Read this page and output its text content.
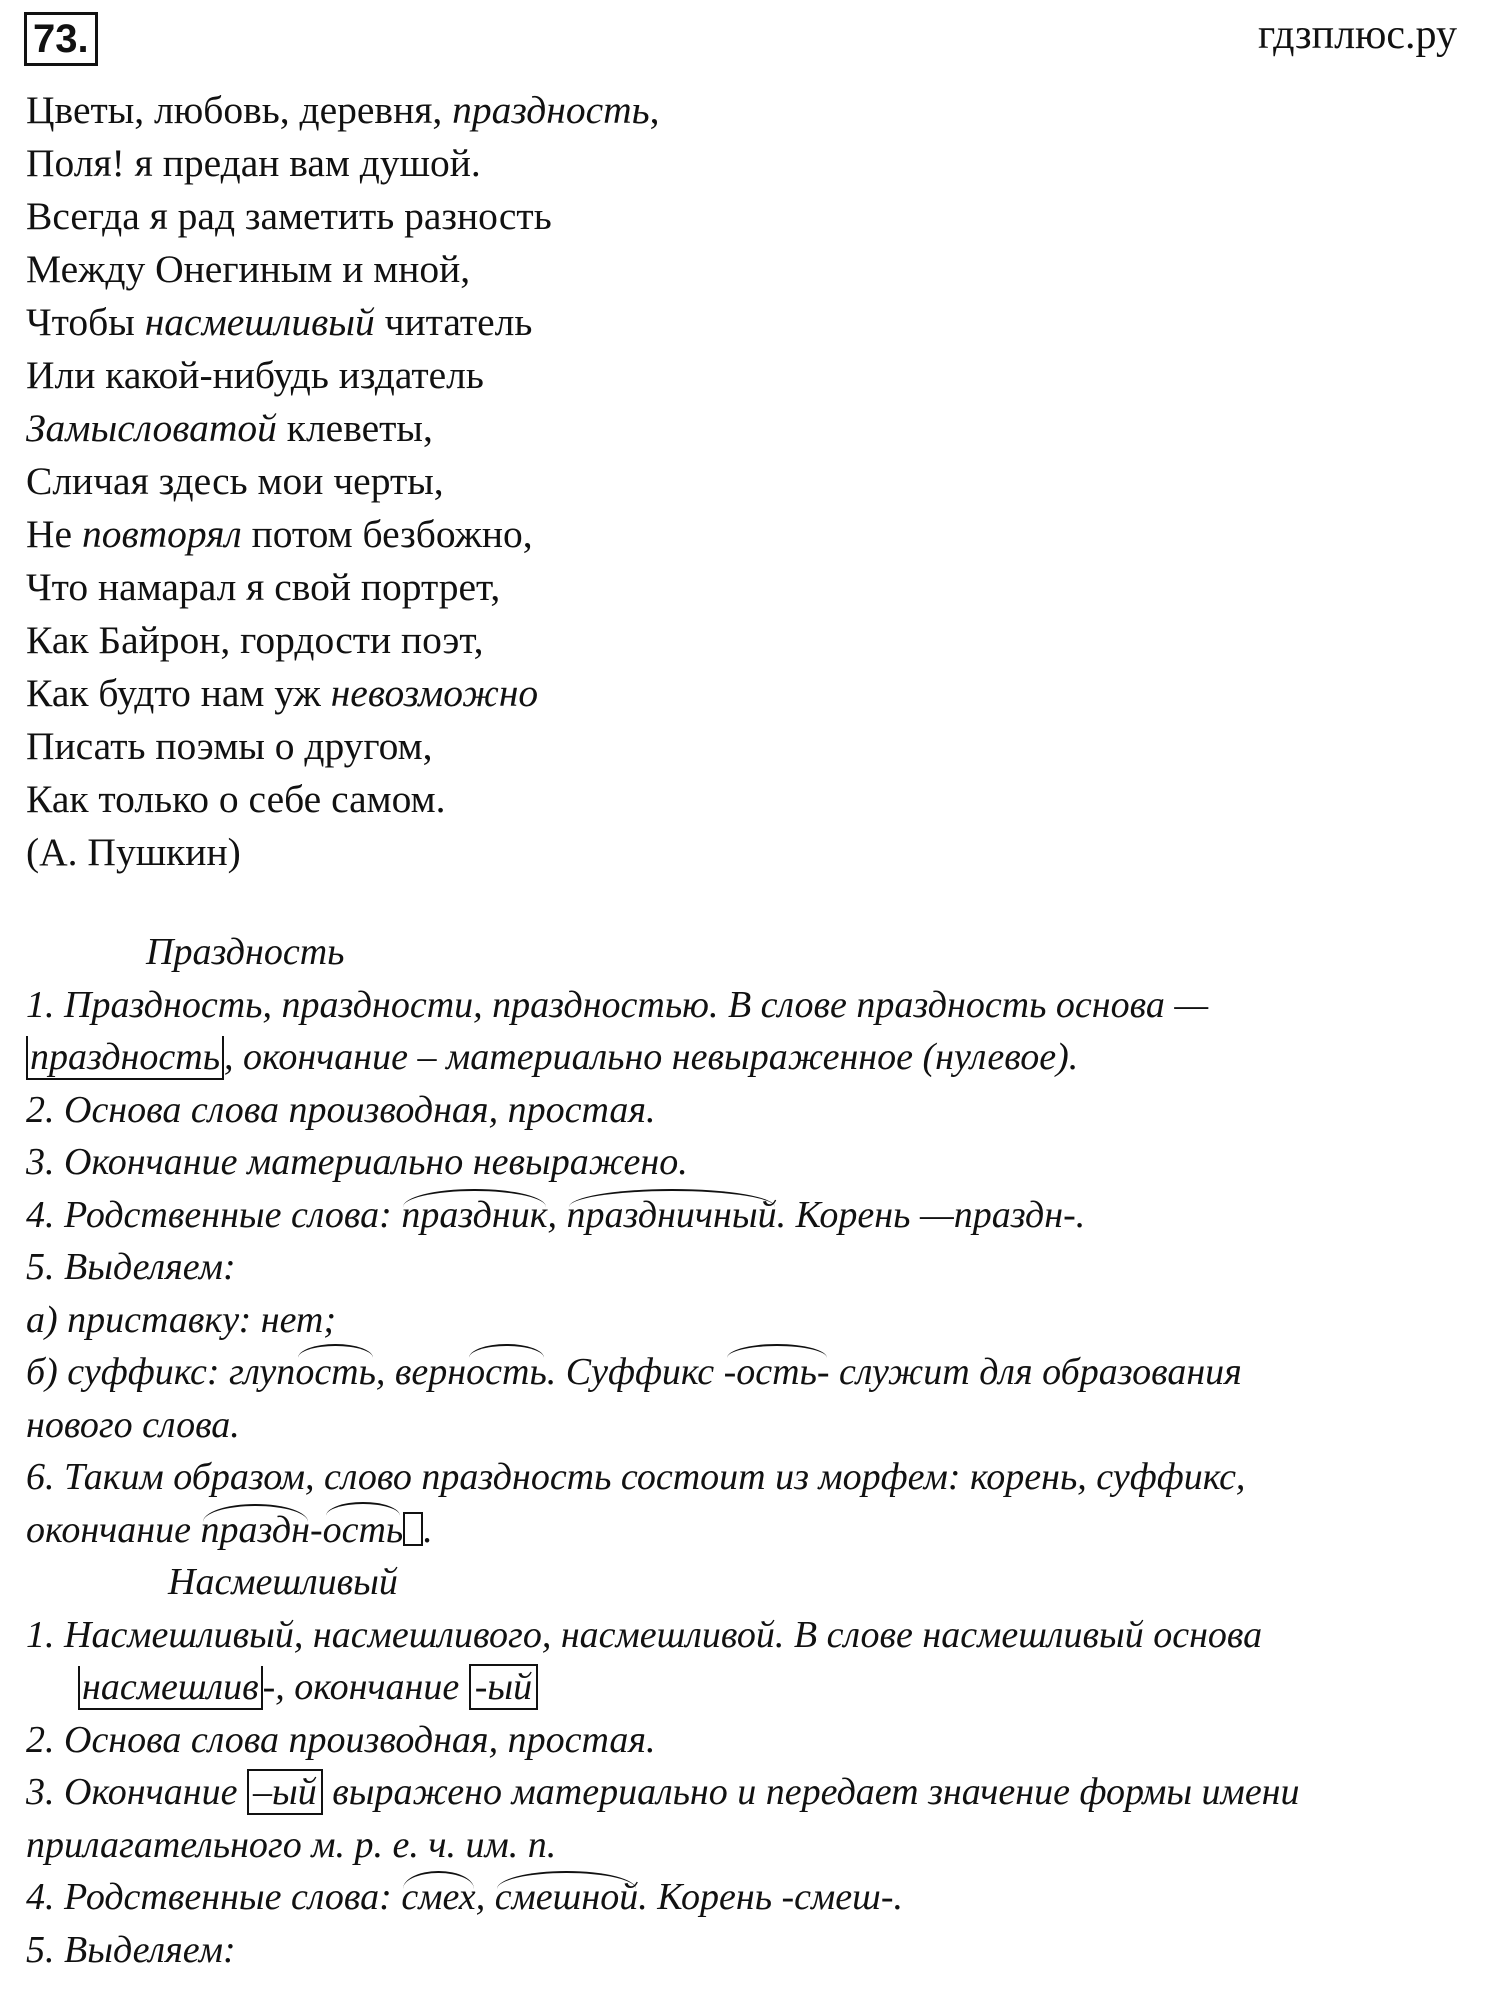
73.	гдзплюс.ру
Цветы, любовь, деревня, праздность,
Поля! я предан вам душой.
Всегда я рад заметить разность
Между Онегиным и мной,
Чтобы насмешливый читатель
Или какой-нибудь издатель
Замысловатой клеветы,
Сличая здесь мои черты,
Не повторял потом безбожно,
Что намарал я свой портрет,
Как Байрон, гордости поэт,
Как будто нам уж невозможно
Писать поэмы о другом,
Как только о себе самом.
(А. Пушкин)
Праздность
1. Праздность, праздности, праздностью. В слове праздность основа —
праздность , окончание – материально невыраженное (нулевое).
2. Основа слова производная, простая.
3. Окончание материально невыражено.
4. Родственные слова: праздник, праздничный. Корень —праздн-.
5. Выделяем:
а) приставку: нет;
б) суффикс: глупость, верность. Суффикс -ость- служит для образования
нового слова.
6. Таким образом, слово праздность состоит из морфем: корень, суффикс,
окончание праздн-ость .
Насмешливый
1. Насмешливый, насмешливого, насмешливой. В слове насмешливый основа
насмешлив -, окончание -ый
2. Основа слова производная, простая.
3. Окончание –ый выражено материально и передает значение формы имени
прилагательного м. р. е. ч. им. п.
4. Родственные слова: смех, смешной. Корень -смеш-.
5. Выделяем:
